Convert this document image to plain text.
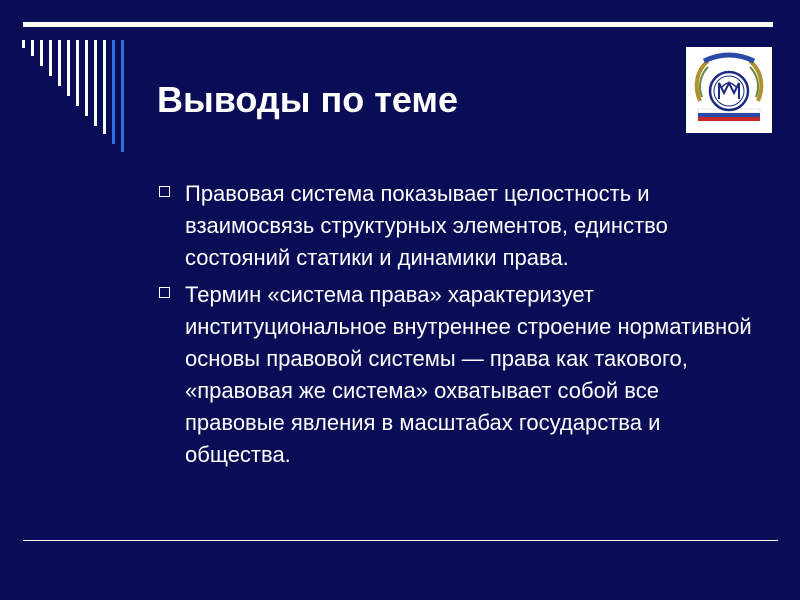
Выводы по теме
Правовая система показывает целостность и взаимосвязь структурных элементов, единство состояний статики и динамики права.
Термин «система права» характеризует институциональное внутреннее строение нормативной основы правовой системы — права как такового, «правовая же система» охватывает собой все правовые явления в масштабах государства и общества.
